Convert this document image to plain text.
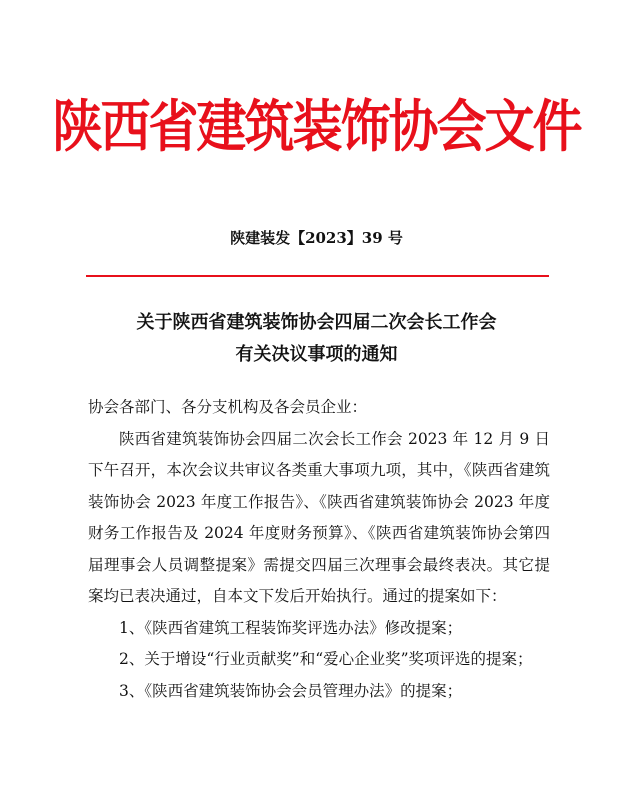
陕西省建筑装饰协会文件
陕建装发【2023】39 号
关于陕西省建筑装饰协会四届二次会长工作会
有关决议事项的通知

协会各部门、各分支机构及各会员企业：

陕西省建筑装饰协会四届二次会长工作会 2023 年 12 月 9 日下午召开，本次会议共审议各类重大事项九项，其中，《陕西省建筑装饰协会 2023 年度工作报告》、《陕西省建筑装饰协会 2023 年度财务工作报告及 2024 年度财务预算》、《陕西省建筑装饰协会第四届理事会人员调整提案》需提交四届三次理事会最终表决。其它提案均已表决通过，自本文下发后开始执行。通过的提案如下：

1、《陕西省建筑工程装饰奖评选办法》修改提案；

2、关于增设“行业贡献奖”和“爱心企业奖”奖项评选的提案；

3、《陕西省建筑装饰协会会员管理办法》的提案；
